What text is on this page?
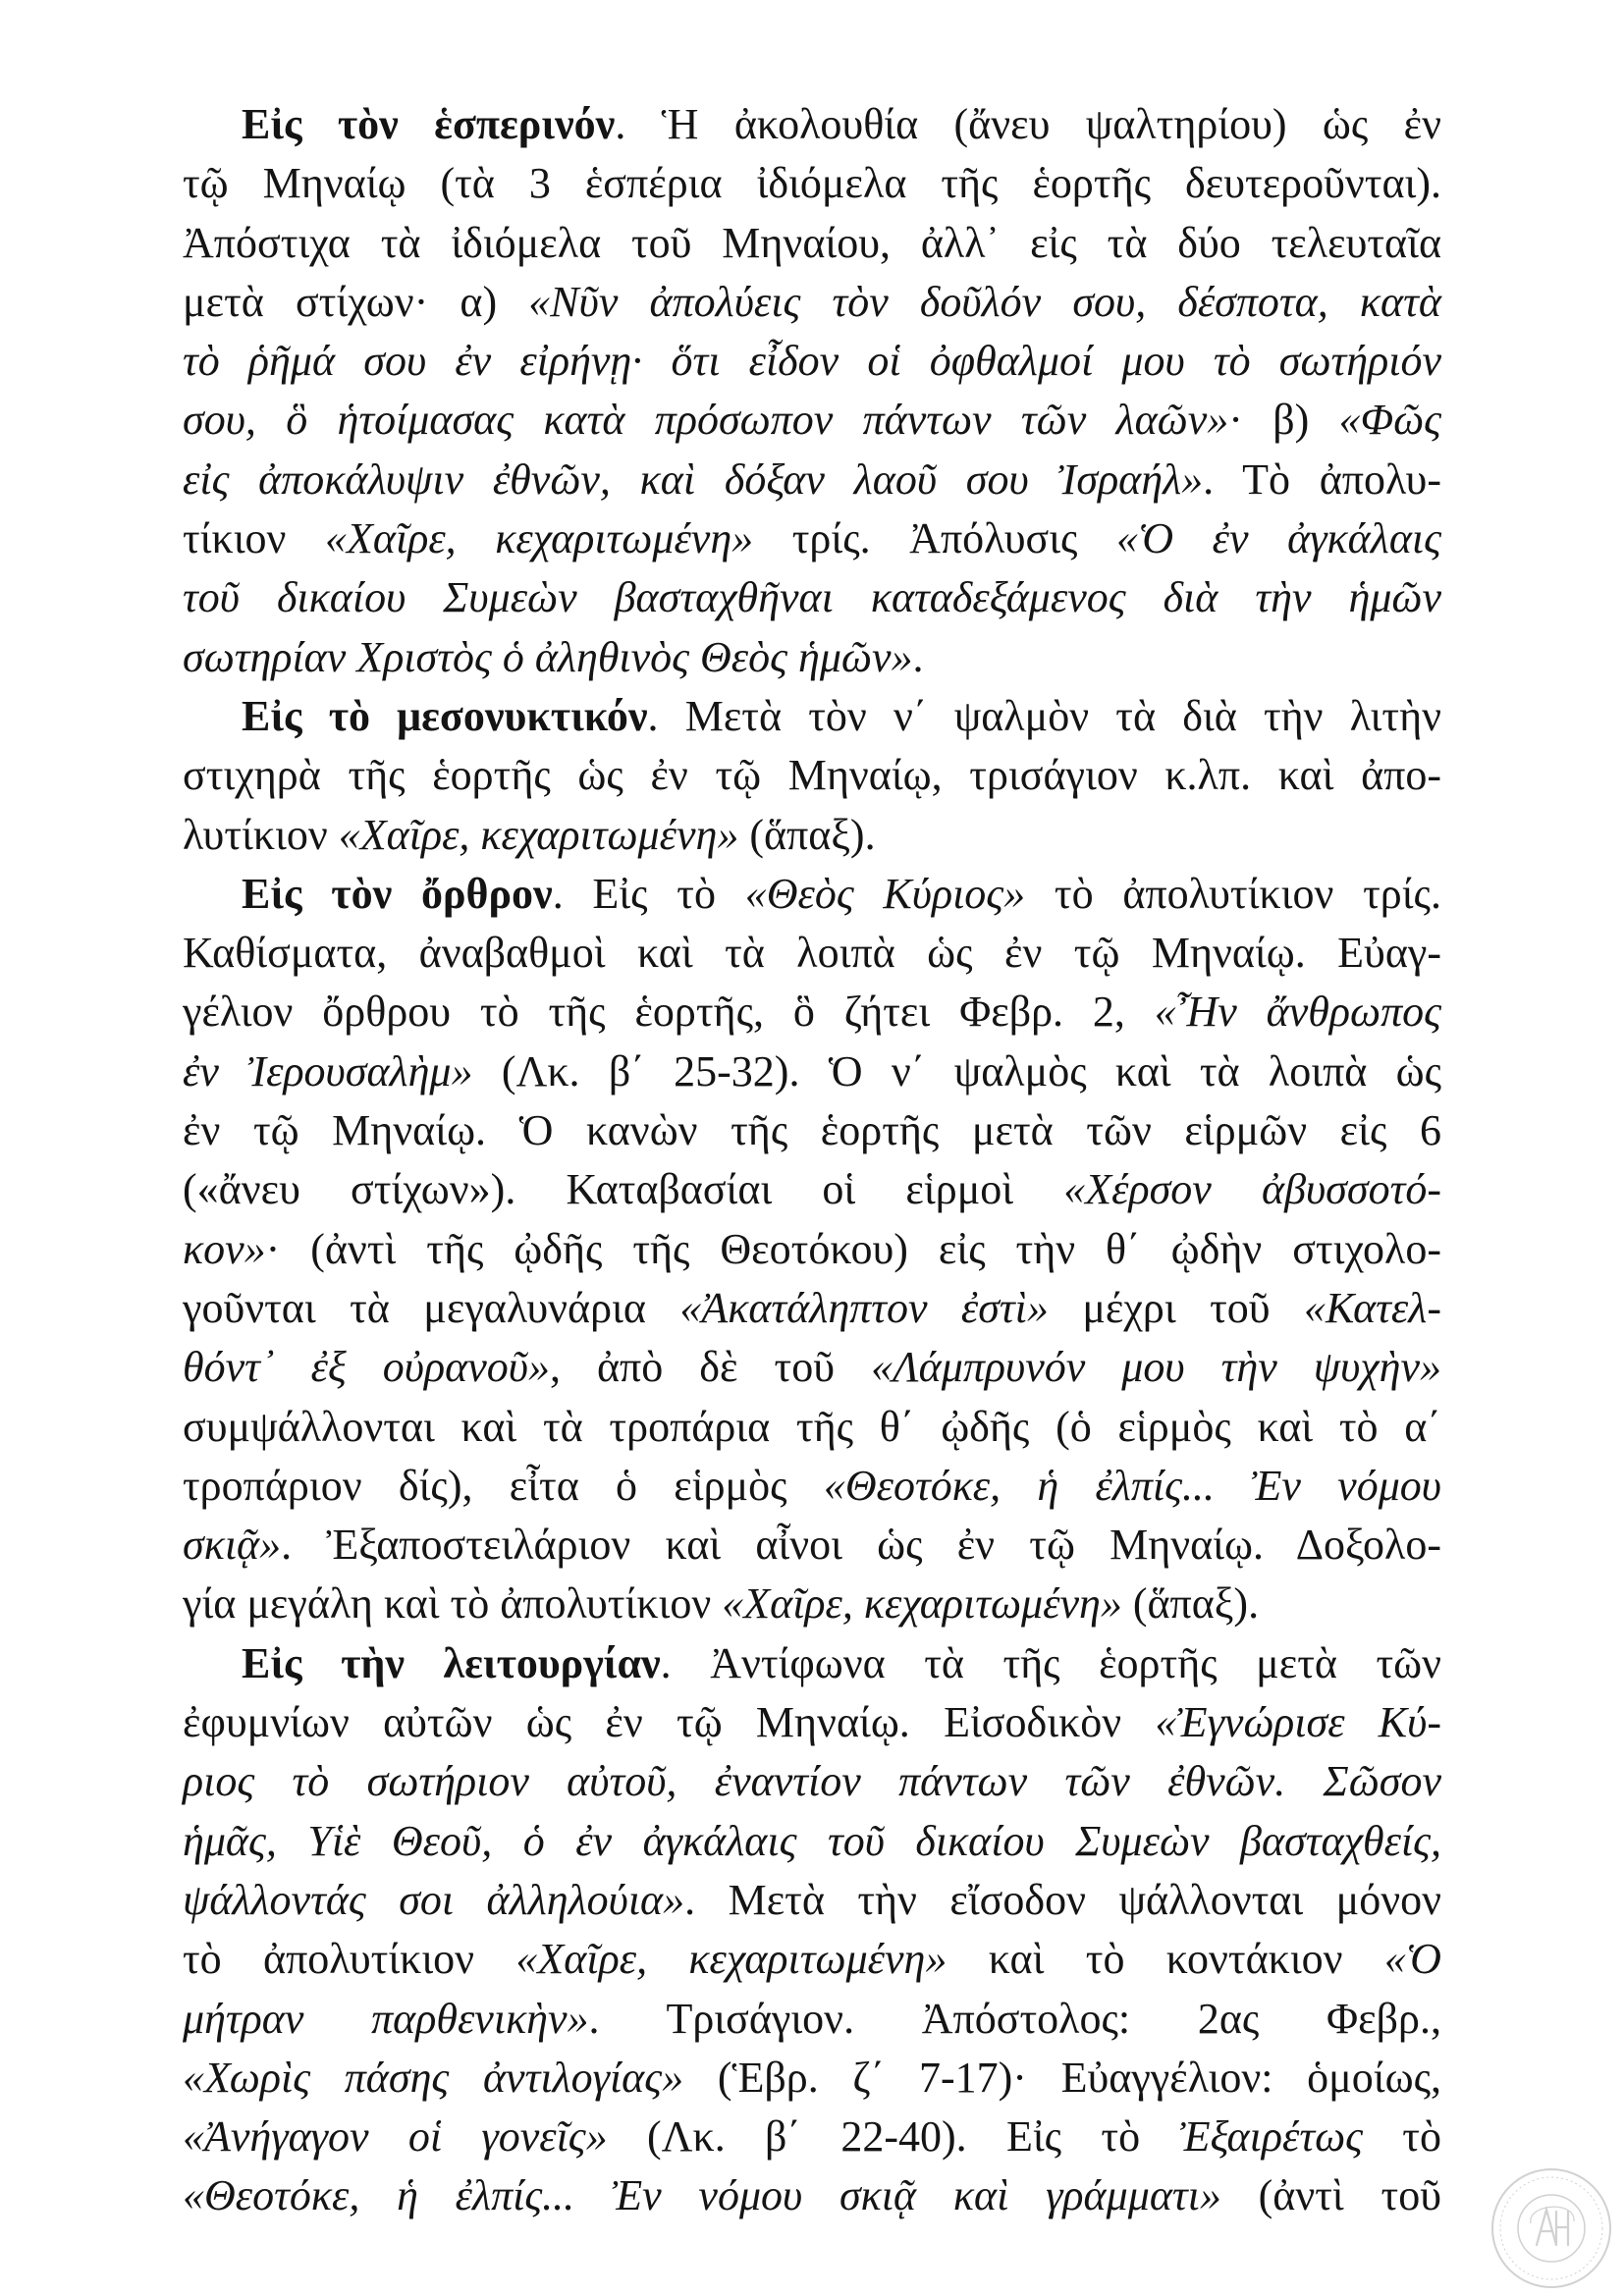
Εἰς τὸν ἑσπερινόν. Ἡ ἀκολουθία (ἄνευ ψαλτηρίου) ὡς ἐν
τῷ Μηναίῳ (τὰ 3 ἑσπέρια ἰδιόμελα τῆς ἑορτῆς δευτεροῦνται).
Ἀπόστιχα τὰ ἰδιόμελα τοῦ Μηναίου, ἀλλ᾽ εἰς τὰ δύο τελευταῖα
μετὰ στίχων· α) «Νῦν ἀπολύεις τὸν δοῦλόν σου, δέσποτα, κατὰ
τὸ ῥῆμά σου ἐν εἰρήνῃ· ὅτι εἶδον οἱ ὀφθαλμοί μου τὸ σωτήριόν
σου, ὃ ἡτοίμασας κατὰ πρόσωπον πάντων τῶν λαῶν»· β) «Φῶς
εἰς ἀποκάλυψιν ἐθνῶν, καὶ δόξαν λαοῦ σου Ἰσραήλ». Τὸ ἀπολυ-
τίκιον «Χαῖρε, κεχαριτωμένη» τρίς. Ἀπόλυσις «Ὁ ἐν ἀγκάλαις
τοῦ δικαίου Συμεὼν βασταχθῆναι καταδεξάμενος διὰ τὴν ἡμῶν
σωτηρίαν Χριστὸς ὁ ἀληθινὸς Θεὸς ἡμῶν».
Εἰς τὸ μεσονυκτικόν. Μετὰ τὸν ν΄ ψαλμὸν τὰ διὰ τὴν λιτὴν
στιχηρὰ τῆς ἑορτῆς ὡς ἐν τῷ Μηναίῳ, τρισάγιον κ.λπ. καὶ ἀπο-
λυτίκιον «Χαῖρε, κεχαριτωμένη» (ἅπαξ).
Εἰς τὸν ὄρθρον. Εἰς τὸ «Θεὸς Κύριος» τὸ ἀπολυτίκιον τρίς.
Καθίσματα, ἀναβαθμοὶ καὶ τὰ λοιπὰ ὡς ἐν τῷ Μηναίῳ. Εὐαγ-
γέλιον ὄρθρου τὸ τῆς ἑορτῆς, ὃ ζήτει Φεβρ. 2, «Ἦν ἄνθρωπος
ἐν Ἰερουσαλὴμ» (Λκ. β΄ 25-32). Ὁ ν΄ ψαλμὸς καὶ τὰ λοιπὰ ὡς
ἐν τῷ Μηναίῳ. Ὁ κανὼν τῆς ἑορτῆς μετὰ τῶν εἱρμῶν εἰς 6
(«ἄνευ στίχων»). Καταβασίαι οἱ εἱρμοὶ «Χέρσον ἀβυσσοτό-
κον»· (ἀντὶ τῆς ᾠδῆς τῆς Θεοτόκου) εἰς τὴν θ΄ ᾠδὴν στιχολο-
γοῦνται τὰ μεγαλυνάρια «Ἀκατάληπτον ἐστὶ» μέχρι τοῦ «Κατελ-
θόντ᾽ ἐξ οὐρανοῦ», ἀπὸ δὲ τοῦ «Λάμπρυνόν μου τὴν ψυχὴν»
συμψάλλονται καὶ τὰ τροπάρια τῆς θ΄ ᾠδῆς (ὁ εἱρμὸς καὶ τὸ α΄
τροπάριον δίς), εἶτα ὁ εἱρμὸς «Θεοτόκε, ἡ ἐλπίς... Ἐν νόμου
σκιᾷ». Ἐξαποστειλάριον καὶ αἶνοι ὡς ἐν τῷ Μηναίῳ. Δοξολο-
γία μεγάλη καὶ τὸ ἀπολυτίκιον «Χαῖρε, κεχαριτωμένη» (ἅπαξ).
Εἰς τὴν λειτουργίαν. Ἀντίφωνα τὰ τῆς ἑορτῆς μετὰ τῶν
ἐφυμνίων αὐτῶν ὡς ἐν τῷ Μηναίῳ. Εἰσοδικὸν «Ἐγνώρισε Κύ-
ριος τὸ σωτήριον αὐτοῦ, ἐναντίον πάντων τῶν ἐθνῶν. Σῶσον
ἡμᾶς, Υἱὲ Θεοῦ, ὁ ἐν ἀγκάλαις τοῦ δικαίου Συμεὼν βασταχθείς,
ψάλλοντάς σοι ἀλληλούια». Μετὰ τὴν εἴσοδον ψάλλονται μόνον
τὸ ἀπολυτίκιον «Χαῖρε, κεχαριτωμένη» καὶ τὸ κοντάκιον «Ὁ
μήτραν παρθενικὴν». Τρισάγιον. Ἀπόστολος: 2ας Φεβρ.,
«Χωρὶς πάσης ἀντιλογίας» (Ἑβρ. ζ΄ 7-17)· Εὐαγγέλιον: ὁμοίως,
«Ἀνήγαγον οἱ γονεῖς» (Λκ. β΄ 22-40). Εἰς τὸ Ἐξαιρέτως τὸ
«Θεοτόκε, ἡ ἐλπίς... Ἐν νόμου σκιᾷ καὶ γράμματι» (ἀντὶ τοῦ
